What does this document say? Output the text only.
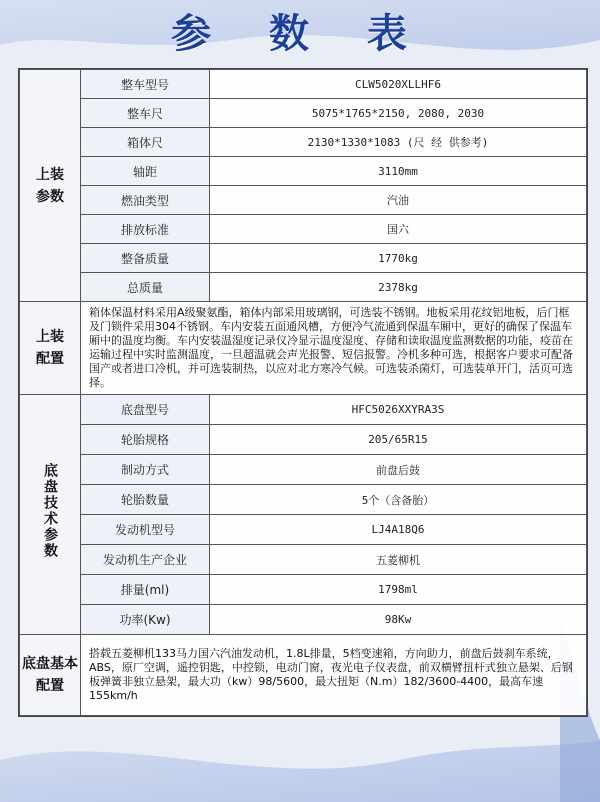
参 数 表
上装
参数	整车型号	CLW5020XLLHF6
	整车尺	5075*1765*2150, 2080, 2030
	箱体尺	2130*1330*1083 (尺 经 供参考)
	轴距	3110mm
	燃油类型	汽油
	排放标准	国六
	整备质量	1770kg
	总质量	2378kg

上装
配置	箱体保温材料采用A级聚氨酯，箱体内部采用玻璃钢，可选装不锈钢。地板采用花纹铝地板，后门框及门锁件采用304不锈钢。车内安装五面通风槽，方便冷气流通到保温车厢中，更好的确保了保温车厢中的温度均衡。车内安装温湿度记录仪冷显示温度湿度、存储和读取温度监测数据的功能，疫苗在运输过程中实时监测温度，一旦超温就会声光报警、短信报警。冷机多种可选，根据客户要求可配备国产或者进口冷机，并可选装制热，以应对北方寒冷气候。可选装杀菌灯，可选装单开门，活页可选择。	
底盘技术参数	底盘型号	HFC5026XXYRA3S
	轮胎规格	205/65R15
	制动方式	前盘后鼓
	轮胎数量	5个（含备胎）
	发动机型号	LJ4A18Q6
	发动机生产企业	五菱柳机
	排量(ml)	1798ml
	功率(Kw)	98Kw

底盘基本
配置	搭载五菱柳机133马力国六汽油发动机，1.8L排量，5档变速箱，方向助力，前盘后鼓刹车系统，ABS，原厂空调，遥控钥匙，中控锁，电动门窗，夜光电子仪表盘，前双横臂扭杆式独立悬架、后钢板弹簧非独立悬架，最大功（kw）98/5600，最大扭矩（N.m）182/3600-4400，最高车速155km/h	
